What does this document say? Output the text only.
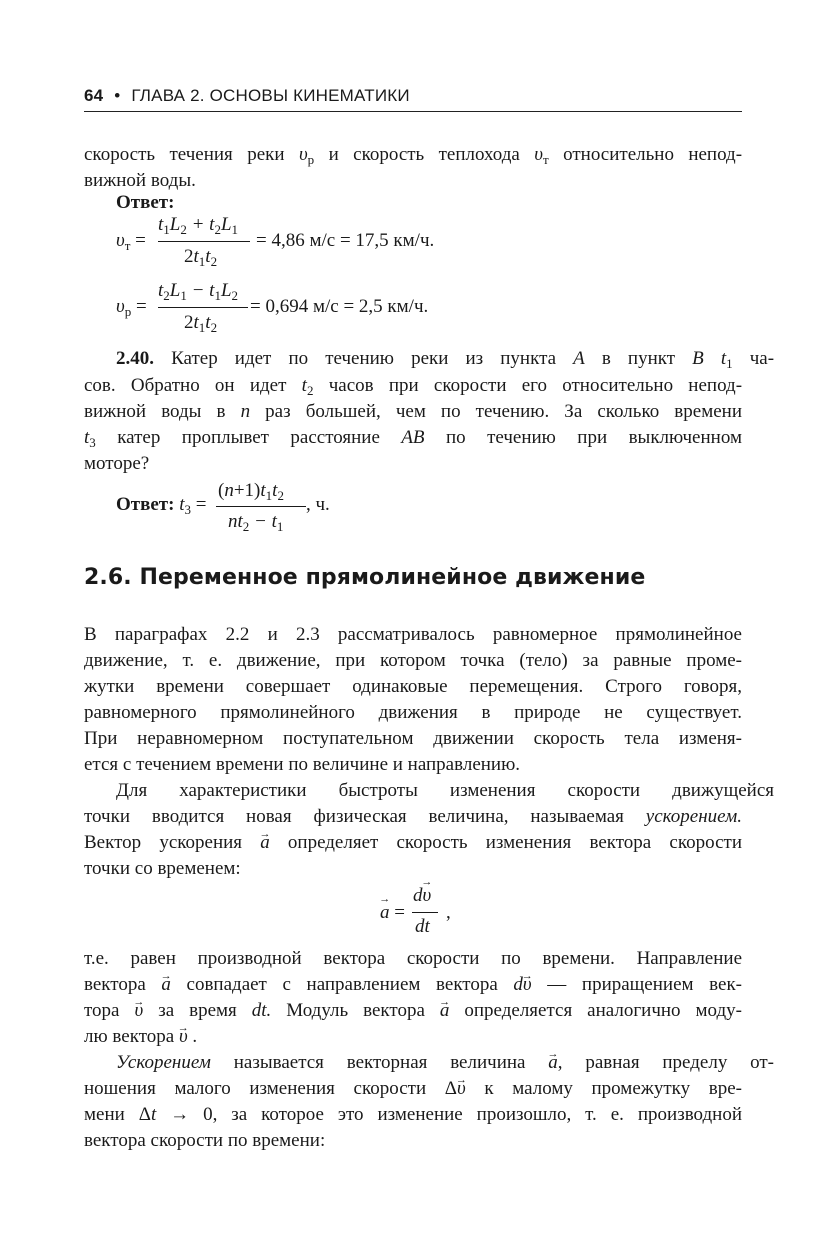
64 • ГЛАВА 2. ОСНОВЫ КИНЕМАТИКИ
скорость течения реки $\upsilon_р$ и скорость теплохода $\upsilon_т$ относительно непод-
вижной воды.
Ответ:
$\upsilon_т$ =
$t_1L_2 + t_2L_1$
$2t_1t_2$
= 4,86 м/с = 17,5 км/ч.
$\upsilon_р$ =
$t_2L_1 - t_1L_2$
$2t_1t_2$
= 0,694 м/с = 2,5 км/ч.
2.40. Катер идет по течению реки из пункта A в пункт B $t_1$ ча-
сов. Обратно он идет $t_2$ часов при скорости его относительно непод-
вижной воды в n раз большей, чем по течению. За сколько времени
$t_3$ катер проплывет расстояние AB по течению при выключенном
моторе?
Ответ: $t_3$ =
$(n+1)t_1t_2$
$nt_2 - t_1$
, ч.
2.6. Переменное прямолинейное движение
В параграфах 2.2 и 2.3 рассматривалось равномерное прямолинейное
движение, т. е. движение, при котором точка (тело) за равные проме-
жутки времени совершает одинаковые перемещения. Строго говоря,
равномерного прямолинейного движения в природе не существует.
При неравномерном поступательном движении скорость тела изменя-
ется с течением времени по величине и направлению.
Для характеристики быстроты изменения скорости движущейся
точки вводится новая физическая величина, называемая ускорением.
Вектор ускорения a → определяет скорость изменения вектора скорости
точки со временем:
a → =
dυ →
dt
,
т.е. равен производной вектора скорости по времени. Направление
вектора a → совпадает с направлением вектора dυ → — приращением век-
тора υ → за время dt. Модуль вектора a → определяется аналогично моду-
лю вектора υ → .
Ускорением называется векторная величина a →, равная пределу от-
ношения малого изменения скорости Δυ → к малому промежутку вре-
мени Δt → 0, за которое это изменение произошло, т. е. производной
вектора скорости по времени:
